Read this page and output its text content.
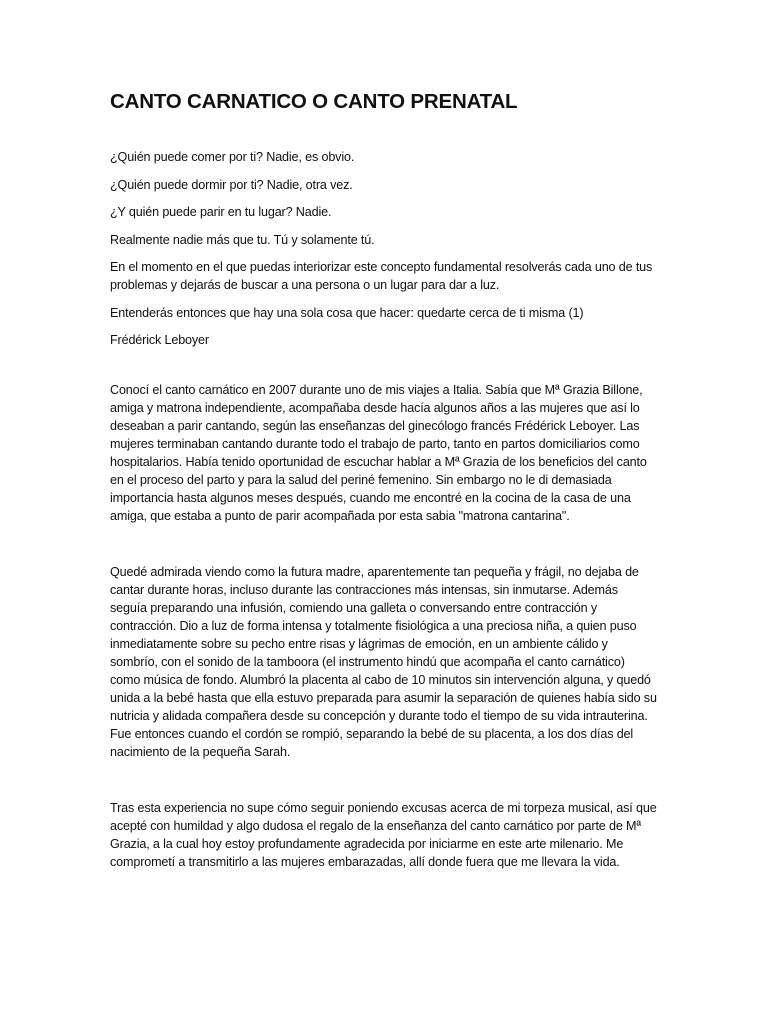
CANTO CARNATICO O CANTO PRENATAL

¿Quién puede comer por ti? Nadie, es obvio.

¿Quién puede dormir por ti? Nadie, otra vez.

¿Y quién puede parir en tu lugar? Nadie.

Realmente nadie más que tu. Tú y solamente tú.

En el momento en el que puedas interiorizar este concepto fundamental resolverás cada uno de tus problemas y dejarás de buscar a una persona o un lugar para dar a luz.

Entenderás entonces que hay una sola cosa que hacer: quedarte cerca de ti misma (1)

Frédérick Leboyer

Conocí el canto carnático en 2007 durante uno de mis viajes a Italia. Sabía que Mª Grazia Billone, amiga y matrona independiente, acompañaba desde hacía algunos años a las mujeres que así lo deseaban a parir cantando, según las enseñanzas del ginecólogo francés Frédérick Leboyer. Las mujeres terminaban cantando durante todo el trabajo de parto, tanto en partos domiciliarios como hospitalarios. Había tenido oportunidad de escuchar hablar a Mª Grazia de los beneficios del canto en el proceso del parto y para la salud del periné femenino. Sin embargo no le di demasiada importancia hasta algunos meses después, cuando me encontré en la cocina de la casa de una amiga, que estaba a punto de parir acompañada por esta sabia "matrona cantarina".

Quedé admirada viendo como la futura madre, aparentemente tan pequeña y frágil, no dejaba de cantar durante horas, incluso durante las contracciones más intensas, sin inmutarse. Además seguía preparando una infusión, comiendo una galleta o conversando entre contracción y contracción. Dio a luz de forma intensa y totalmente fisiológica a una preciosa niña, a quien puso inmediatamente sobre su pecho entre risas y lágrimas de emoción, en un ambiente cálido y sombrío, con el sonido de la tamboora (el instrumento hindú que acompaña el canto carnático) como música de fondo. Alumbró la placenta al cabo de 10 minutos sin intervención alguna, y quedó unida a la bebé hasta que ella estuvo preparada para asumir la separación de quienes había sido su nutricia y alidada compañera desde su concepción y durante todo el tiempo de su vida intrauterina. Fue entonces cuando el cordón se rompió, separando la bebé de su placenta, a los dos días del nacimiento de la pequeña Sarah.

Tras esta experiencia no supe cómo seguir poniendo excusas acerca de mi torpeza musical, así que acepté con humildad y algo dudosa el regalo de la enseñanza del canto carnático por parte de Mª Grazia, a la cual hoy estoy profundamente agradecida por iniciarme en este arte milenario. Me comprometí a transmitirlo a las mujeres embarazadas, allí donde fuera que me llevara la vida.
